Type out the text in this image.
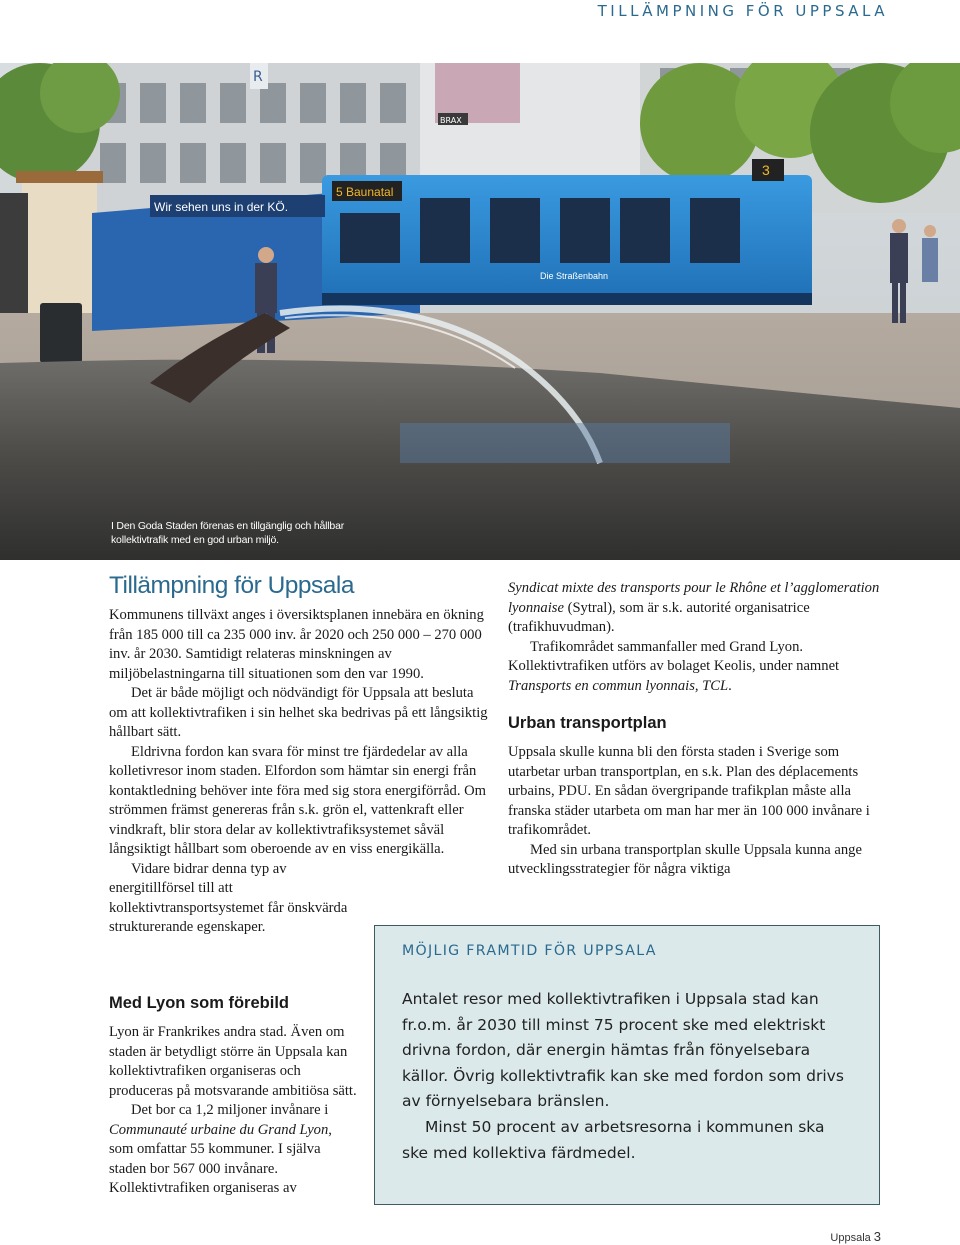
TILLÄMPNING FÖR UPPSALA
R
BRAX
Wir sehen uns in der KÖ.
5 Baunatal
3
Die Straßenbahn
I Den Goda Staden förenas en tillgänglig och hållbar
kollektivtrafik med en god urban miljö.
Tillämpning för Uppsala

Kommunens tillväxt anges i översiktsplanen innebära en ökning från 185 000 till ca 235 000 inv. år 2020 och 250 000 – 270 000 inv. år 2030. Samtidigt relateras minskningen av miljöbelastningarna till situationen som den var 1990.

Det är både möjligt och nödvändigt för Uppsala att besluta om att kollektivtrafiken i sin helhet ska bedrivas på ett långsiktig hållbart sätt.

Eldrivna fordon kan svara för minst tre fjärdedelar av alla kolletivresor inom staden. Elfordon som hämtar sin energi från kontaktledning behöver inte föra med sig stora energiförråd. Om strömmen främst genereras från s.k. grön el, vattenkraft eller vindkraft, blir stora delar av kollektivtrafiksystemet såväl långsiktigt hållbart som oberoende av en viss energikälla.

Vidare bidrar denna typ av energitillförsel till att kollektivtransportsystemet får önskvärda strukturerande egenskaper.

Med Lyon som förebild

Lyon är Frankrikes andra stad. Även om staden är betydligt större än Uppsala kan kollektivtrafiken organiseras och produceras på motsvarande ambitiösa sätt.

Det bor ca 1,2 miljoner invånare i Communauté urbaine du Grand Lyon, som omfattar 55 kommuner. I själva staden bor 567 000 invånare. Kollektivtrafiken organiseras av

Syndicat mixte des transports pour le Rhône et l’agglomeration lyonnaise (Sytral), som är s.k. autorité organisatrice (trafikhuvudman).

Trafikområdet sammanfaller med Grand Lyon. Kollektivtrafiken utförs av bolaget Keolis, under namnet Transports en commun lyonnais, TCL.

Urban transportplan

Uppsala skulle kunna bli den första staden i Sverige som utarbetar urban transportplan, en s.k. Plan des déplacements urbains, PDU. En sådan övergripande trafikplan måste alla franska städer utarbeta om man har mer än 100 000 invånare i trafikområdet.

Med sin urbana transportplan skulle Uppsala kunna ange utvecklingsstrategier för några viktiga

MÖJLIG FRAMTID FÖR UPPSALA

Antalet resor med kollektivtrafiken i Uppsala stad kan fr.o.m. år 2030 till minst 75 procent ske med elektriskt drivna fordon, där energin hämtas från fönyelsebara källor. Övrig kollektivtrafik kan ske med fordon som drivs av förnyelsebara bränslen.

Minst 50 procent av arbetsresorna i kommunen ska ske med kollektiva färdmedel.

Uppsala 3
